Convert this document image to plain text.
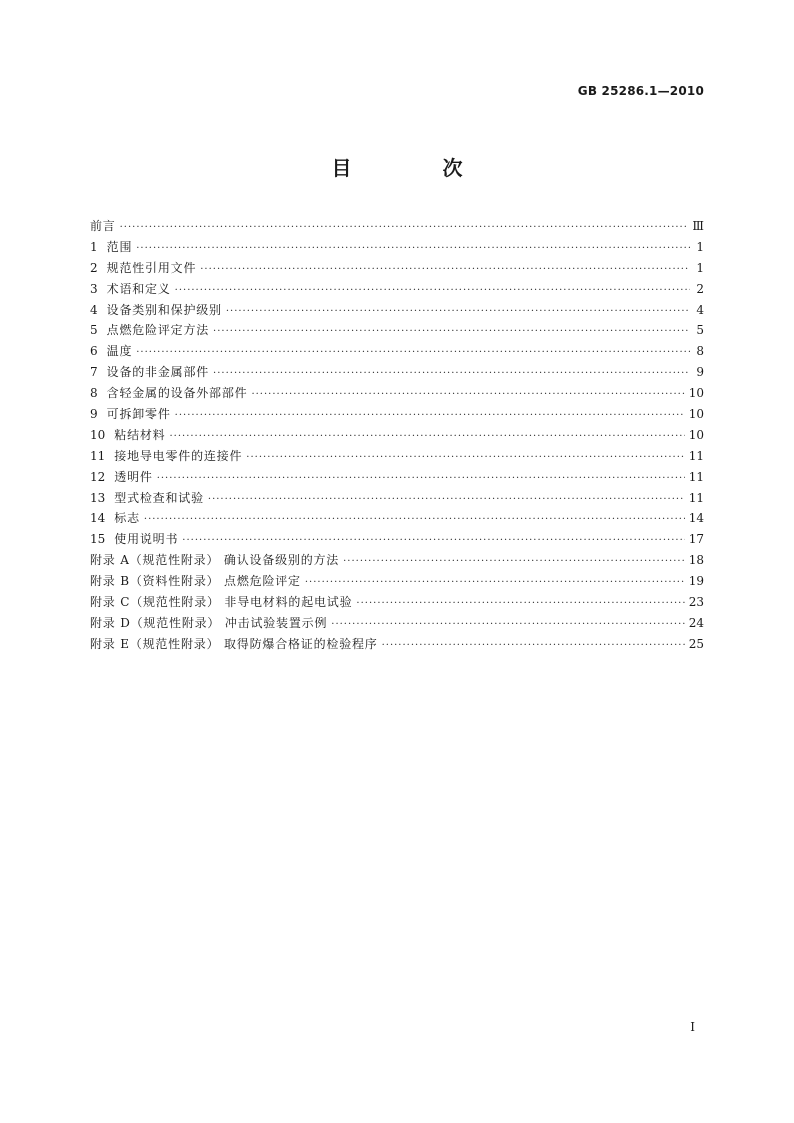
GB 25286.1—2010
目 次
前言 ·····	Ⅲ
1 范围 ·····	1
2 规范性引用文件 ·····	1
3 术语和定义 ·····	2
4 设备类别和保护级别 ·····	4
5 点燃危险评定方法 ·····	5
6 温度 ·····	8
7 设备的非金属部件 ·····	9
8 含轻金属的设备外部部件 ·····	10
9 可拆卸零件 ·····	10
10 粘结材料 ·····	10
11 接地导电零件的连接件 ·····	11
12 透明件 ·····	11
13 型式检查和试验 ·····	11
14 标志 ·····	14
15 使用说明书 ·····	17
附录 A（规范性附录） 确认设备级别的方法 ·····	18
附录 B（资料性附录） 点燃危险评定 ·····	19
附录 C（规范性附录） 非导电材料的起电试验 ·····	23
附录 D（规范性附录） 冲击试验装置示例 ·····	24
附录 E（规范性附录） 取得防爆合格证的检验程序 ·····	25
I
